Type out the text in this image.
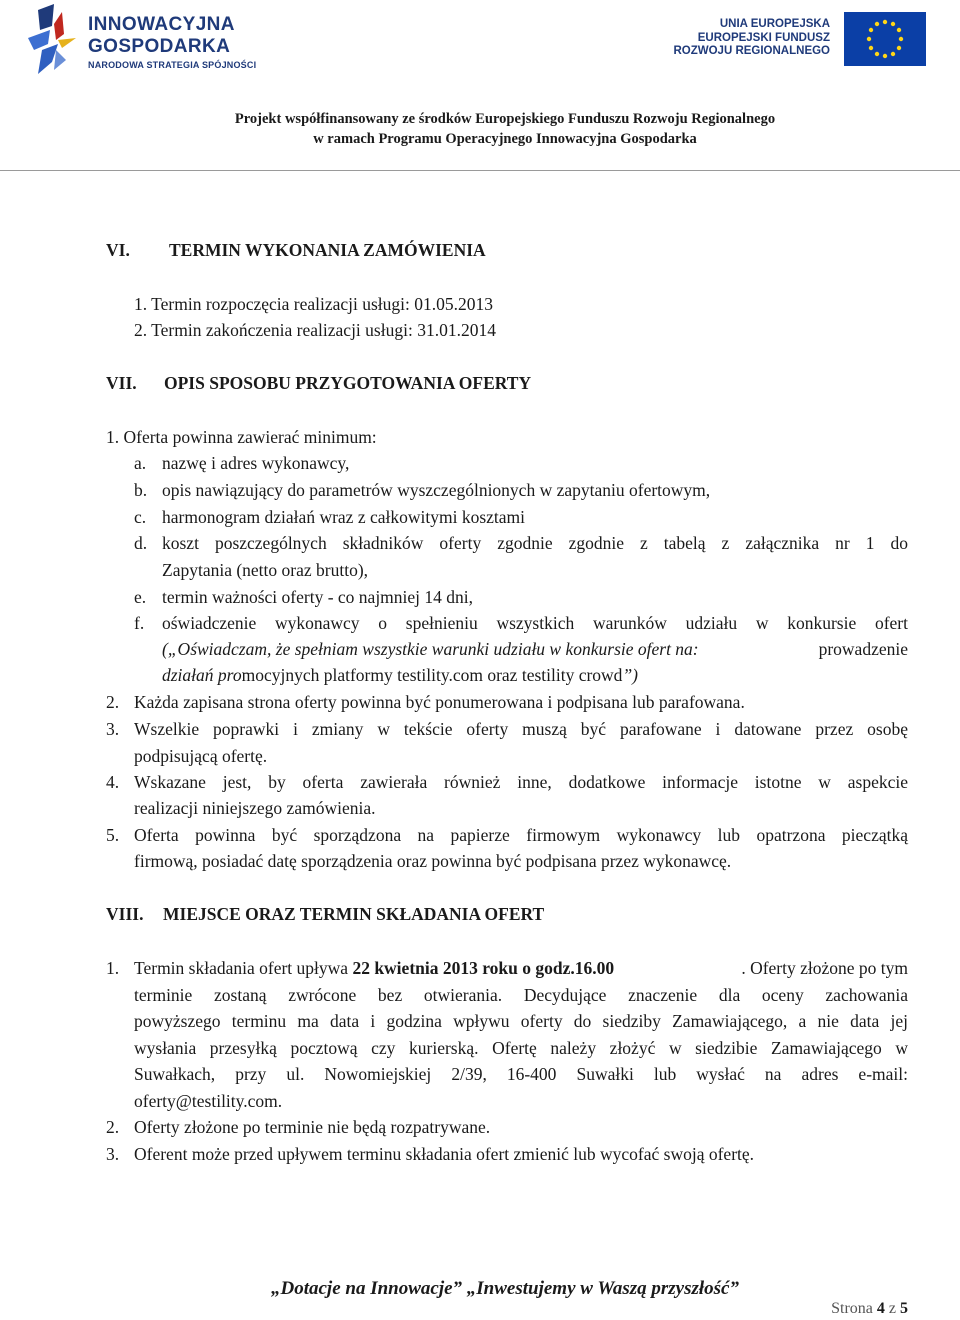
INNOWACYJNA
GOSPODARKA
NARODOWA STRATEGIA SPÓJNOŚCI
UNIA EUROPEJSKA
EUROPEJSKI FUNDUSZ
ROZWOJU REGIONALNEGO
Projekt współfinansowany ze środków Europejskiego Funduszu Rozwoju Regionalnego
w ramach Programu Operacyjnego Innowacyjna Gospodarka
VI. TERMIN WYKONANIA ZAMÓWIENIA
1. Termin rozpoczęcia realizacji usługi: 01.05.2013
2. Termin zakończenia realizacji usługi: 31.01.2014
VII. OPIS SPOSOBU PRZYGOTOWANIA OFERTY
1. Oferta powinna zawierać minimum:
a. nazwę i adres wykonawcy,
b. opis nawiązujący do parametrów wyszczególnionych w zapytaniu ofertowym,
c. harmonogram działań wraz z całkowitymi kosztami
d. koszt poszczególnych składników oferty zgodnie zgodnie z tabelą z załącznika nr 1 do
Zapytania (netto oraz brutto),
e. termin ważności oferty - co najmniej 14 dni,
f. oświadczenie wykonawcy o spełnieniu wszystkich warunków udziału w konkursie ofert
(„Oświadczam, że spełniam wszystkie warunki udziału w konkursie ofert na:	prowadzenie
działań promocyjnych platformy testility.com oraz testility crowd”)
2. Każda zapisana strona oferty powinna być ponumerowana i podpisana lub parafowana.
3. Wszelkie poprawki i zmiany w tekście oferty muszą być parafowane i datowane przez osobę
podpisującą ofertę.
4. Wskazane jest, by oferta zawierała również inne, dodatkowe informacje istotne w aspekcie
realizacji niniejszego zamówienia.
5. Oferta powinna być sporządzona na papierze firmowym wykonawcy lub opatrzona pieczątką
firmową, posiadać datę sporządzenia oraz powinna być podpisana przez wykonawcę.
VIII. MIEJSCE ORAZ TERMIN SKŁADANIA OFERT
1. Termin składania ofert upływa 22 kwietnia 2013 roku o godz.16.00	. Oferty złożone po tym
terminie zostaną zwrócone bez otwierania. Decydujące znaczenie dla oceny zachowania
powyższego terminu ma data i godzina wpływu oferty do siedziby Zamawiającego, a nie data jej
wysłania przesyłką pocztową czy kurierską. Ofertę należy złożyć w siedzibie Zamawiającego w
Suwałkach, przy ul. Nowomiejskiej 2/39, 16-400 Suwałki lub wysłać na adres e-mail:
oferty@testility.com.
2. Oferty złożone po terminie nie będą rozpatrywane.
3. Oferent może przed upływem terminu składania ofert zmienić lub wycofać swoją ofertę.
„Dotacje na Innowacje” „Inwestujemy w Waszą przyszłość”
Strona 4 z 5
